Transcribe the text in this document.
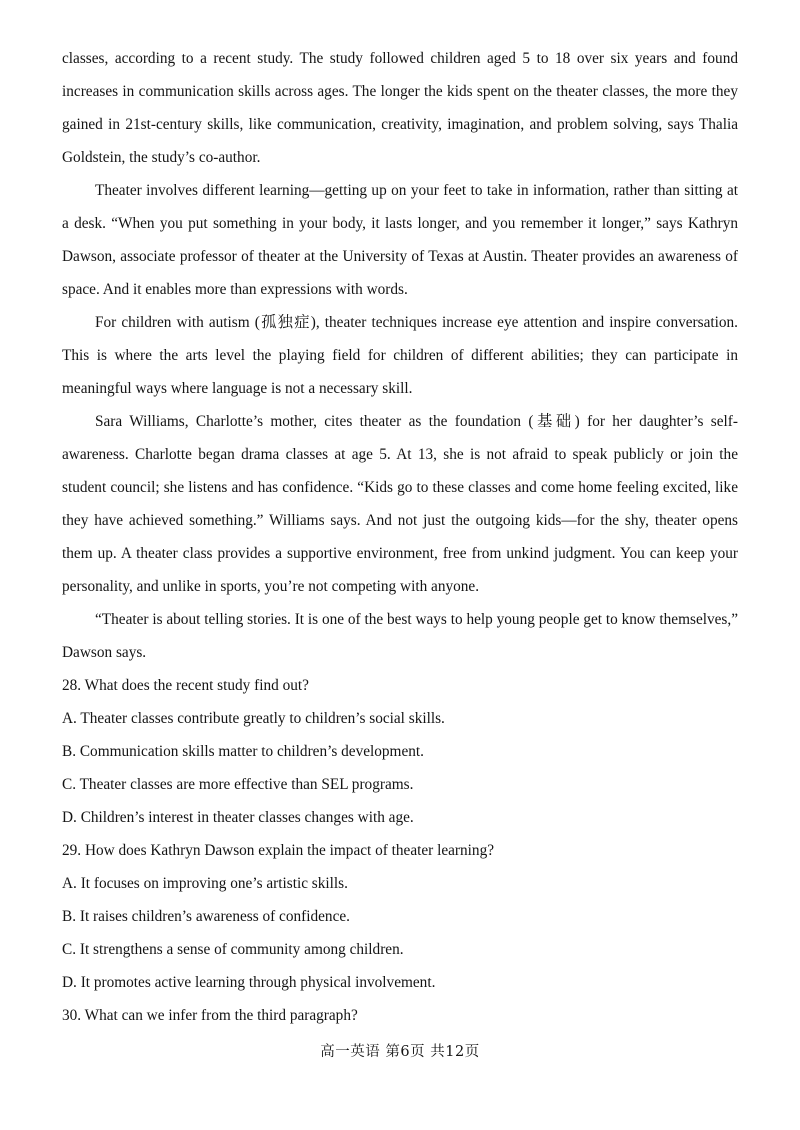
classes, according to a recent study. The study followed children aged 5 to 18 over six years and found increases in communication skills across ages. The longer the kids spent on the theater classes, the more they gained in 21st-century skills, like communication, creativity, imagination, and problem solving, says Thalia Goldstein, the study’s co-author.

Theater involves different learning—getting up on your feet to take in information, rather than sitting at a desk. “When you put something in your body, it lasts longer, and you remember it longer,” says Kathryn Dawson, associate professor of theater at the University of Texas at Austin. Theater provides an awareness of space. And it enables more than expressions with words.

For children with autism (孤独症), theater techniques increase eye attention and inspire conversation. This is where the arts level the playing field for children of different abilities; they can participate in meaningful ways where language is not a necessary skill.

Sara Williams, Charlotte’s mother, cites theater as the foundation (基础) for her daughter’s self-awareness. Charlotte began drama classes at age 5. At 13, she is not afraid to speak publicly or join the student council; she listens and has confidence. “Kids go to these classes and come home feeling excited, like they have achieved something.” Williams says. And not just the outgoing kids—for the shy, theater opens them up. A theater class provides a supportive environment, free from unkind judgment. You can keep your personality, and unlike in sports, you’re not competing with anyone.

“Theater is about telling stories. It is one of the best ways to help young people get to know themselves,” Dawson says.

28. What does the recent study find out?

A. Theater classes contribute greatly to children’s social skills.

B. Communication skills matter to children’s development.

C. Theater classes are more effective than SEL programs.

D. Children’s interest in theater classes changes with age.

29. How does Kathryn Dawson explain the impact of theater learning?

A. It focuses on improving one’s artistic skills.

B. It raises children’s awareness of confidence.

C. It strengthens a sense of community among children.

D. It promotes active learning through physical involvement.

30. What can we infer from the third paragraph?

高一英语 第6页 共12页
